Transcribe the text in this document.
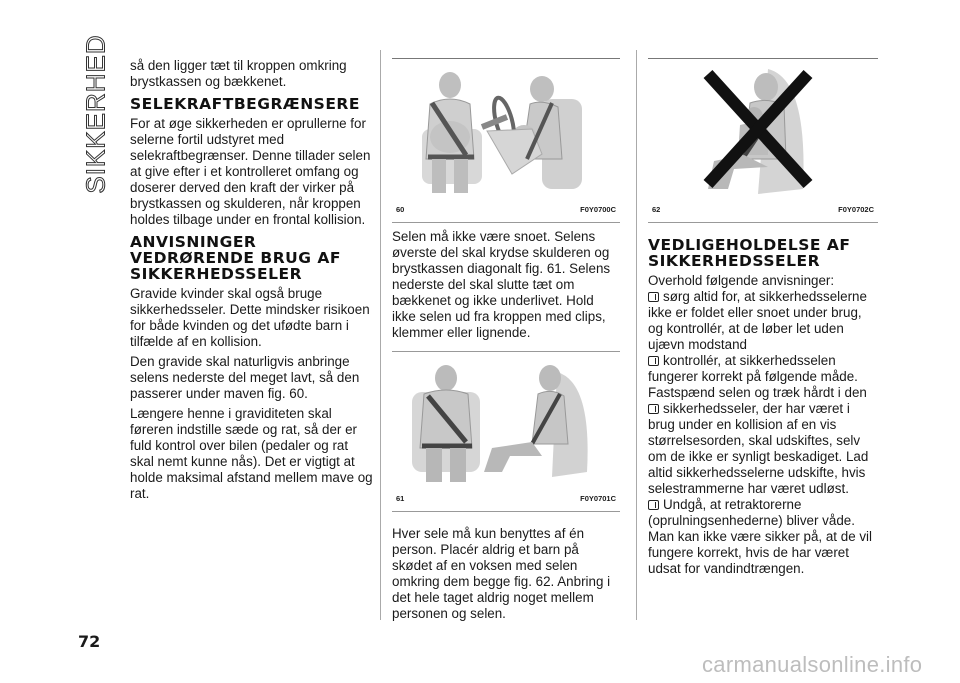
SIKKERHED så den ligger tæt til kroppen omkring brystkassen og bækkenet.

SELEKRAFTBEGRÆNSERE

For at øge sikkerheden er oprullerne for selerne fortil udstyret med selekraftbegrænser. Denne tillader selen at give efter i et kontrolleret omfang og doserer derved den kraft der virker på brystkassen og skulderen, når kroppen holdes tilbage under en frontal kollision.

ANVISNINGER
VEDRØRENDE BRUG AF
SIKKERHEDSSELER

Gravide kvinder skal også bruge sikkerhedsseler. Dette mindsker risikoen for både kvinden og det ufødte barn i tilfælde af en kollision.

Den gravide skal naturligvis anbringe selens nederste del meget lavt, så den passerer under maven fig. 60.

Længere henne i graviditeten skal føreren indstille sæde og rat, så der er fuld kontrol over bilen (pedaler og rat skal nemt kunne nås). Det er vigtigt at holde maksimal afstand mellem mave og rat.

60	F0Y0700C

Selen må ikke være snoet. Selens øverste del skal krydse skulderen og brystkassen diagonalt fig. 61. Selens nederste del skal slutte tæt om bækkenet og ikke underlivet. Hold ikke selen ud fra kroppen med clips, klemmer eller lignende.

61	F0Y0701C

Hver sele må kun benyttes af én person. Placér aldrig et barn på skødet af en voksen med selen omkring dem begge fig. 62. Anbring i det hele taget aldrig noget mellem personen og selen.

62	F0Y0702C
VEDLIGEHOLDELSE AF
SIKKERHEDSSELER

Overhold følgende anvisninger:

sørg altid for, at sikkerhedsselerne ikke er foldet eller snoet under brug, og kontrollér, at de løber let uden ujævn modstand

kontrollér, at sikkerhedsselen fungerer korrekt på følgende måde. Fastspænd selen og træk hårdt i den

sikkerhedsseler, der har været i brug under en kollision af en vis størrelsesorden, skal udskiftes, selv om de ikke er synligt beskadiget. Lad altid sikkerhedsselerne udskifte, hvis selestrammerne har været udløst.

Undgå, at retraktorerne (oprulningsenhederne) bliver våde. Man kan ikke være sikker på, at de vil fungere korrekt, hvis de har været udsat for vandindtrængen.

72
carmanualsonline.info
